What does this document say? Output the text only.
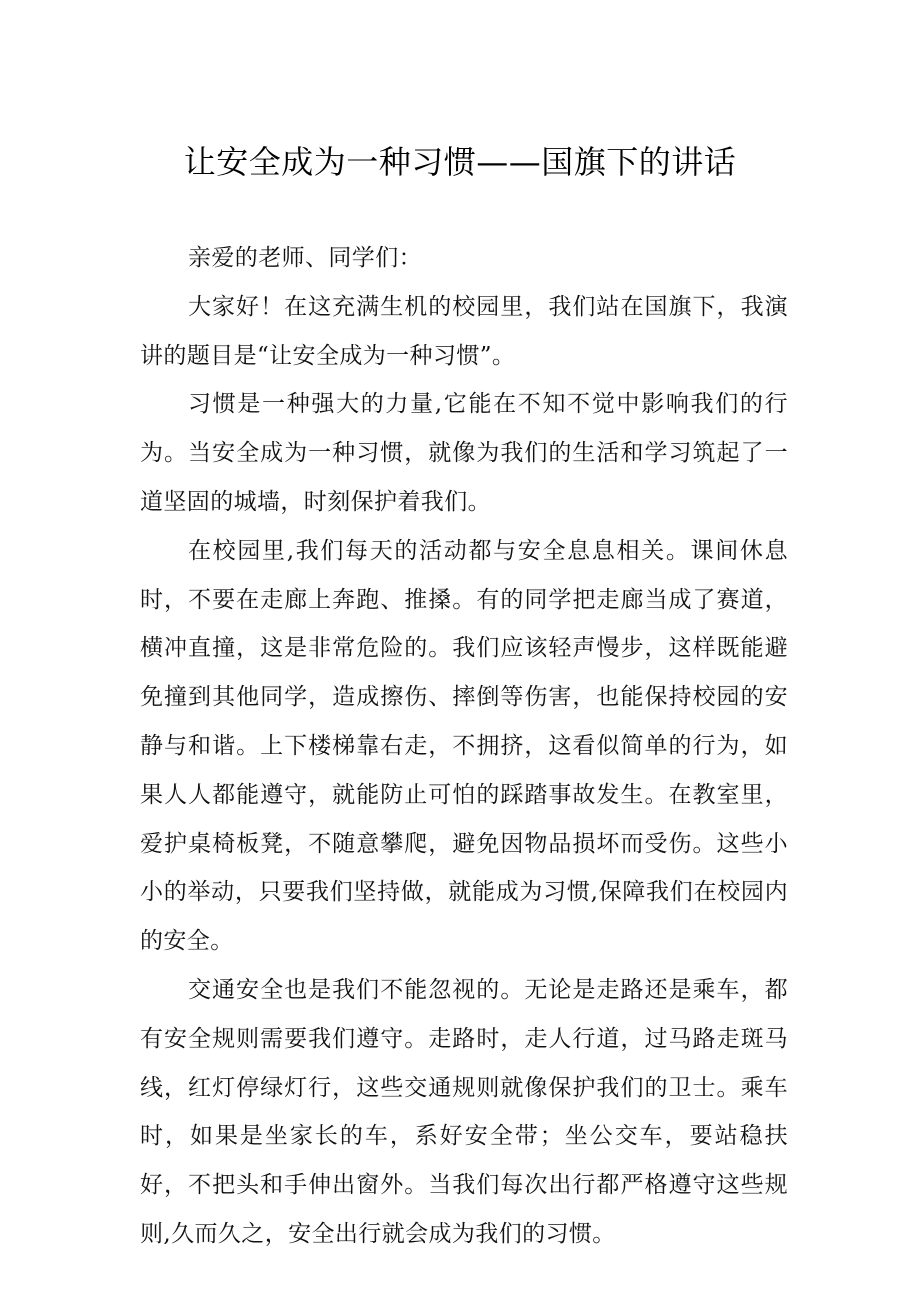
让安全成为一种习惯——国旗下的讲话

亲爱的老师、同学们：

大家好！在这充满生机的校园里，我们站在国旗下，我演讲的题目是“让安全成为一种习惯”。

习惯是一种强大的力量,它能在不知不觉中影响我们的行为。当安全成为一种习惯，就像为我们的生活和学习筑起了一道坚固的城墙，时刻保护着我们。

在校园里,我们每天的活动都与安全息息相关。课间休息时，不要在走廊上奔跑、推搡。有的同学把走廊当成了赛道，横冲直撞，这是非常危险的。我们应该轻声慢步，这样既能避免撞到其他同学，造成擦伤、摔倒等伤害，也能保持校园的安静与和谐。上下楼梯靠右走，不拥挤，这看似简单的行为，如果人人都能遵守，就能防止可怕的踩踏事故发生。在教室里，爱护桌椅板凳，不随意攀爬，避免因物品损坏而受伤。这些小小的举动，只要我们坚持做，就能成为习惯,保障我们在校园内的安全。

交通安全也是我们不能忽视的。无论是走路还是乘车，都有安全规则需要我们遵守。走路时，走人行道，过马路走斑马线，红灯停绿灯行，这些交通规则就像保护我们的卫士。乘车时，如果是坐家长的车，系好安全带；坐公交车，要站稳扶好，不把头和手伸出窗外。当我们每次出行都严格遵守这些规则,久而久之，安全出行就会成为我们的习惯。
